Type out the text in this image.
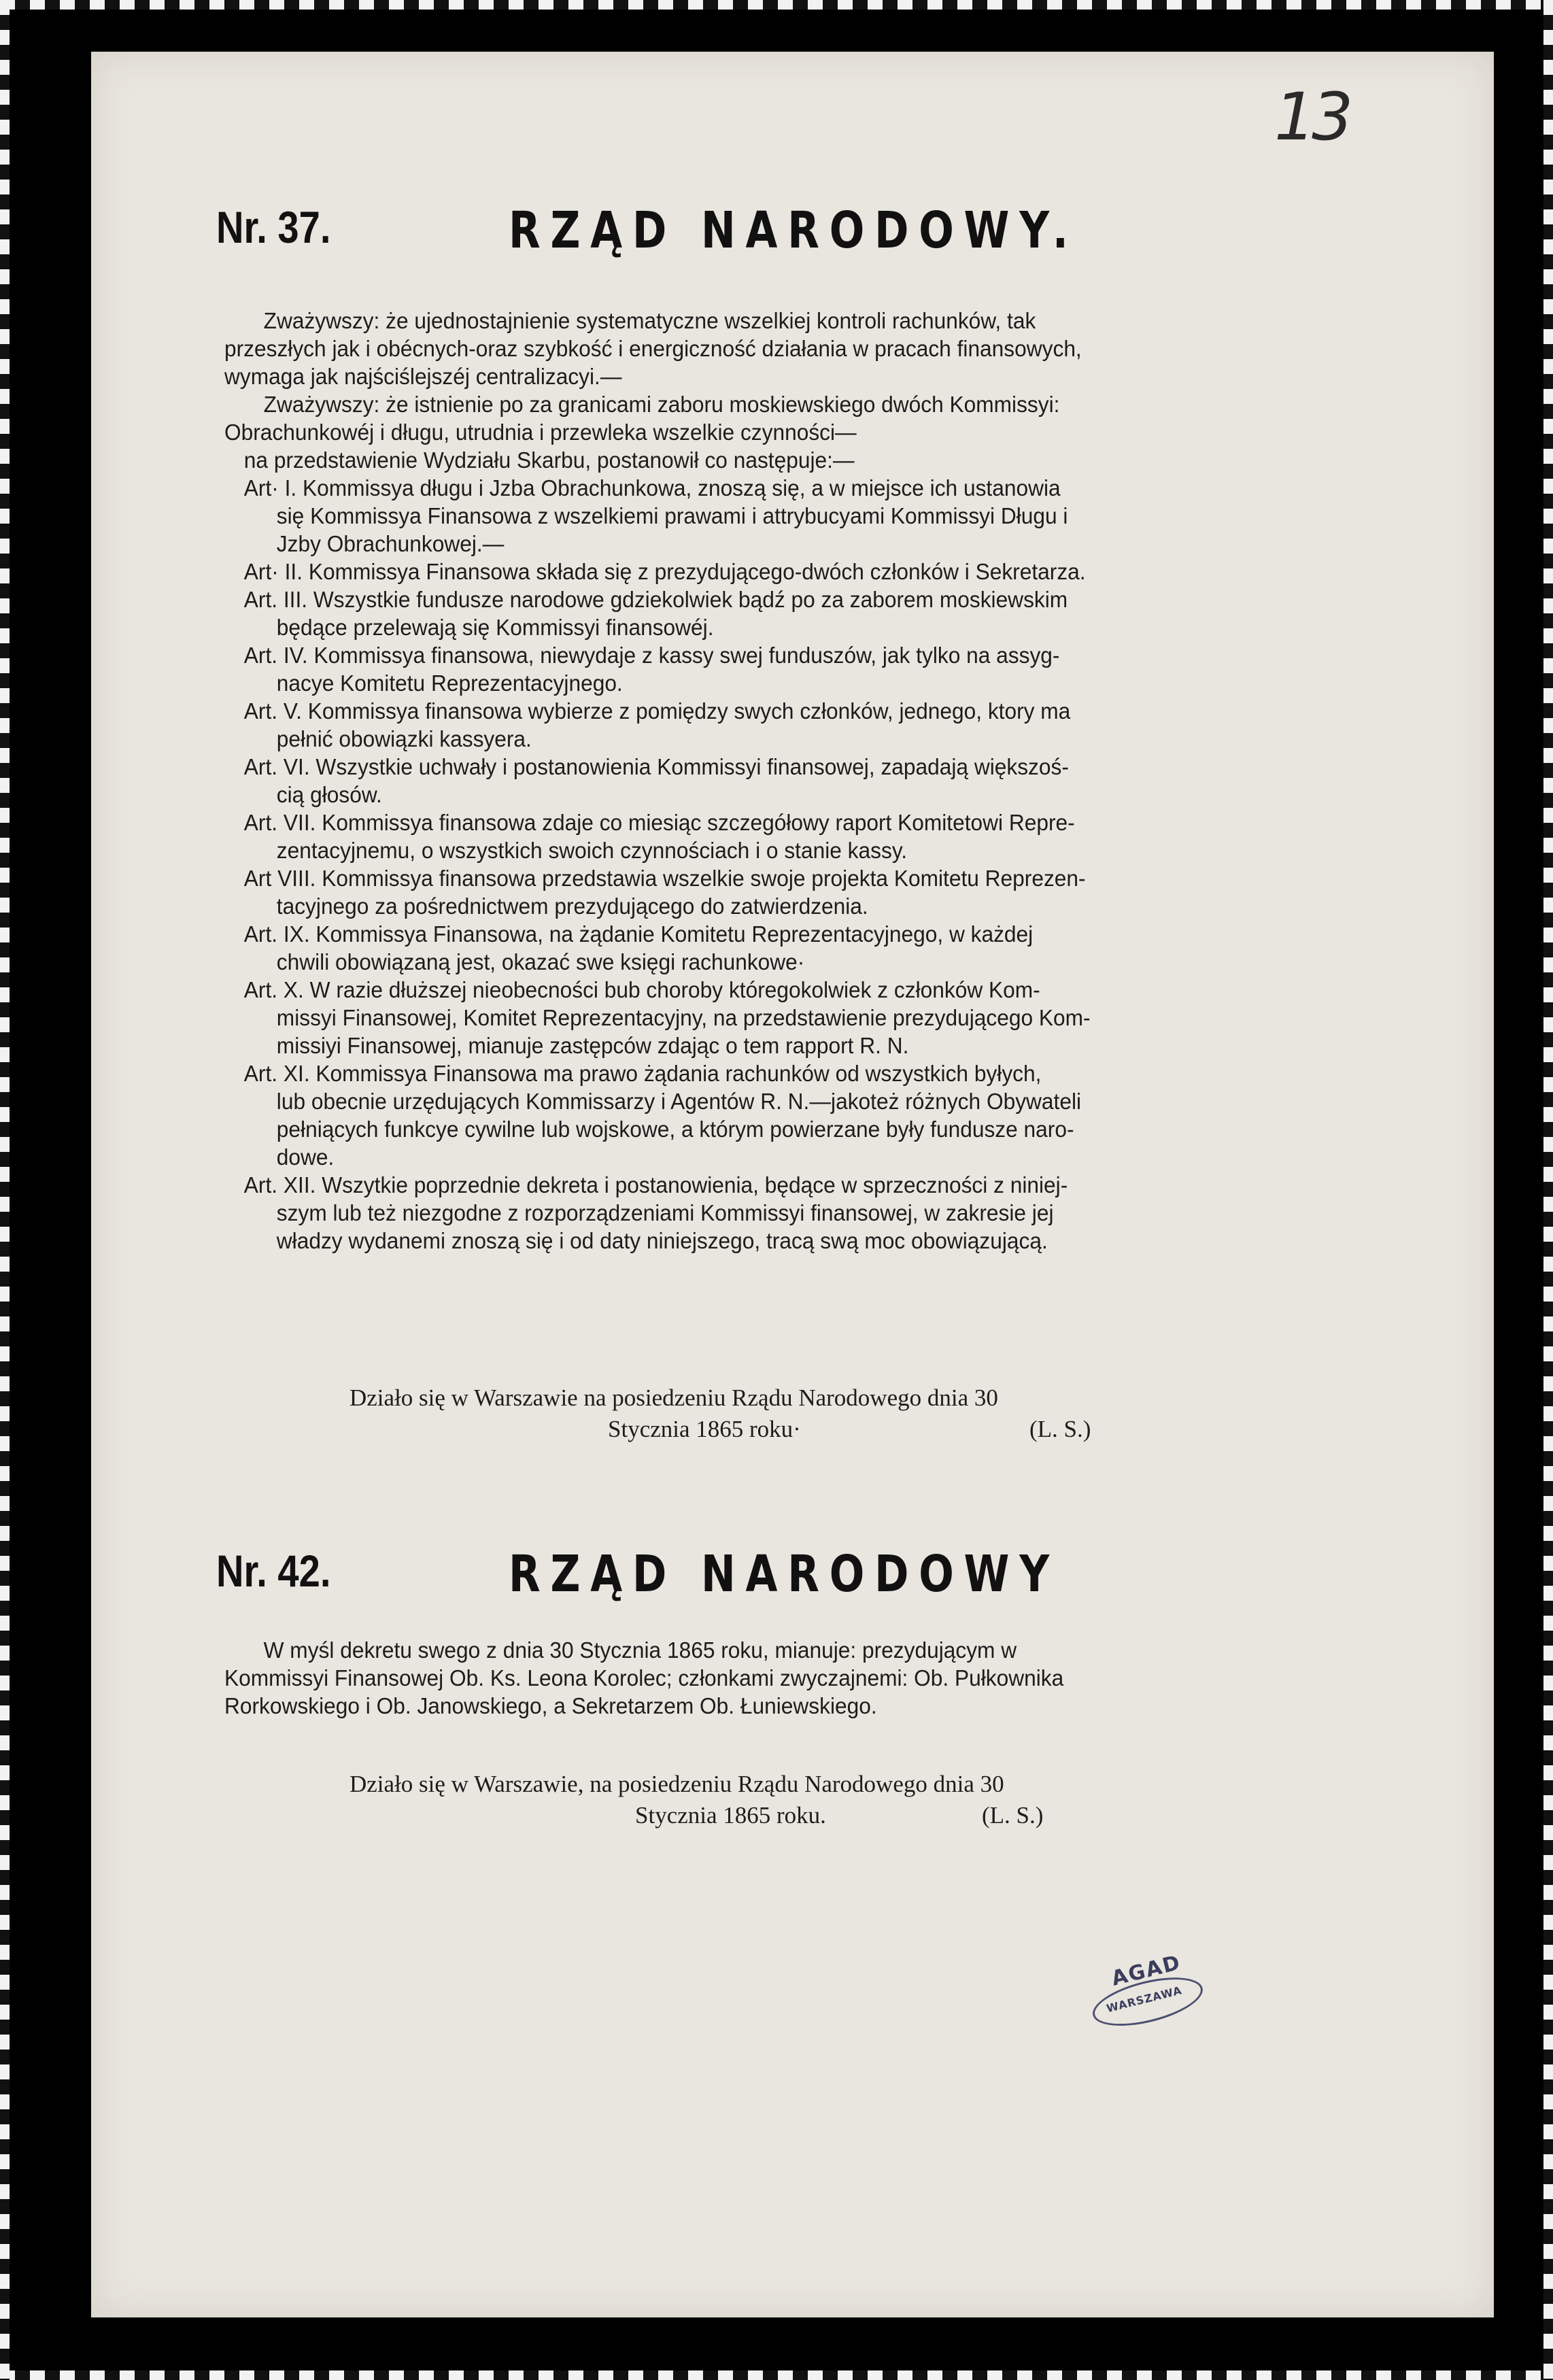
13
Nr. 37.	RZĄD NARODOWY.
Zważywszy: że ujednostajnienie systematyczne wszelkiej kontroli rachunków, tak
przeszłych jak i obécnych-oraz szybkość i energiczność działania w pracach finansowych,
wymaga jak najściślejszéj centralizacyi.—
Zważywszy: że istnienie po za granicami zaboru moskiewskiego dwóch Kommissyi:
Obrachunkowéj i długu, utrudnia i przewleka wszelkie czynności—
na przedstawienie Wydziału Skarbu, postanowił co następuje:—
Art· I. Kommissya długu i Jzba Obrachunkowa, znoszą się, a w miejsce ich ustanowia
się Kommissya Finansowa z wszelkiemi prawami i attrybucyami Kommissyi Długu i
Jzby Obrachunkowej.—
Art· II. Kommissya Finansowa składa się z prezydującego-dwóch członków i Sekretarza.
Art. III. Wszystkie fundusze narodowe gdziekolwiek bądź po za zaborem moskiewskim
będące przelewają się Kommissyi finansowéj.
Art. IV. Kommissya finansowa, niewydaje z kassy swej funduszów, jak tylko na assyg-
nacye Komitetu Reprezentacyjnego.
Art. V. Kommissya finansowa wybierze z pomiędzy swych członków, jednego, ktory ma
pełnić obowiązki kassyera.
Art. VI. Wszystkie uchwały i postanowienia Kommissyi finansowej, zapadają większoś-
cią głosów.
Art. VII. Kommissya finansowa zdaje co miesiąc szczegółowy raport Komitetowi Repre-
zentacyjnemu, o wszystkich swoich czynnościach i o stanie kassy.
Art VIII. Kommissya finansowa przedstawia wszelkie swoje projekta Komitetu Reprezen-
tacyjnego za pośrednictwem prezydującego do zatwierdzenia.
Art. IX. Kommissya Finansowa, na żądanie Komitetu Reprezentacyjnego, w każdej
chwili obowiązaną jest, okazać swe księgi rachunkowe·
Art. X. W razie dłuższej nieobecności bub choroby któregokolwiek z członków Kom-
missyi Finansowej, Komitet Reprezentacyjny, na przedstawienie prezydującego Kom-
missiyi Finansowej, mianuje zastępców zdając o tem rapport R. N.
Art. XI. Kommissya Finansowa ma prawo żądania rachunków od wszystkich byłych,
lub obecnie urzędujących Kommissarzy i Agentów R. N.—jakoteż różnych Obywateli
pełniących funkcye cywilne lub wojskowe, a którym powierzane były fundusze naro-
dowe.
Art. XII. Wszytkie poprzednie dekreta i postanowienia, będące w sprzeczności z niniej-
szym lub też niezgodne z rozporządzeniami Kommissyi finansowej, w zakresie jej
władzy wydanemi znoszą się i od daty niniejszego, tracą swą moc obowiązującą.
Działo się w Warszawie na posiedzeniu Rządu Narodowego dnia 30
Stycznia 1865 roku·	(L. S.)
Nr. 42.	RZĄD NARODOWY
W myśl dekretu swego z dnia 30 Stycznia 1865 roku, mianuje: prezydującym w
Kommissyi Finansowej Ob. Ks. Leona Korolec; członkami zwyczajnemi: Ob. Pułkownika
Rorkowskiego i Ob. Janowskiego, a Sekretarzem Ob. Łuniewskiego.
Działo się w Warszawie, na posiedzeniu Rządu Narodowego dnia 30
Stycznia 1865 roku.	(L. S.)
AGAD
WARSZAWA
